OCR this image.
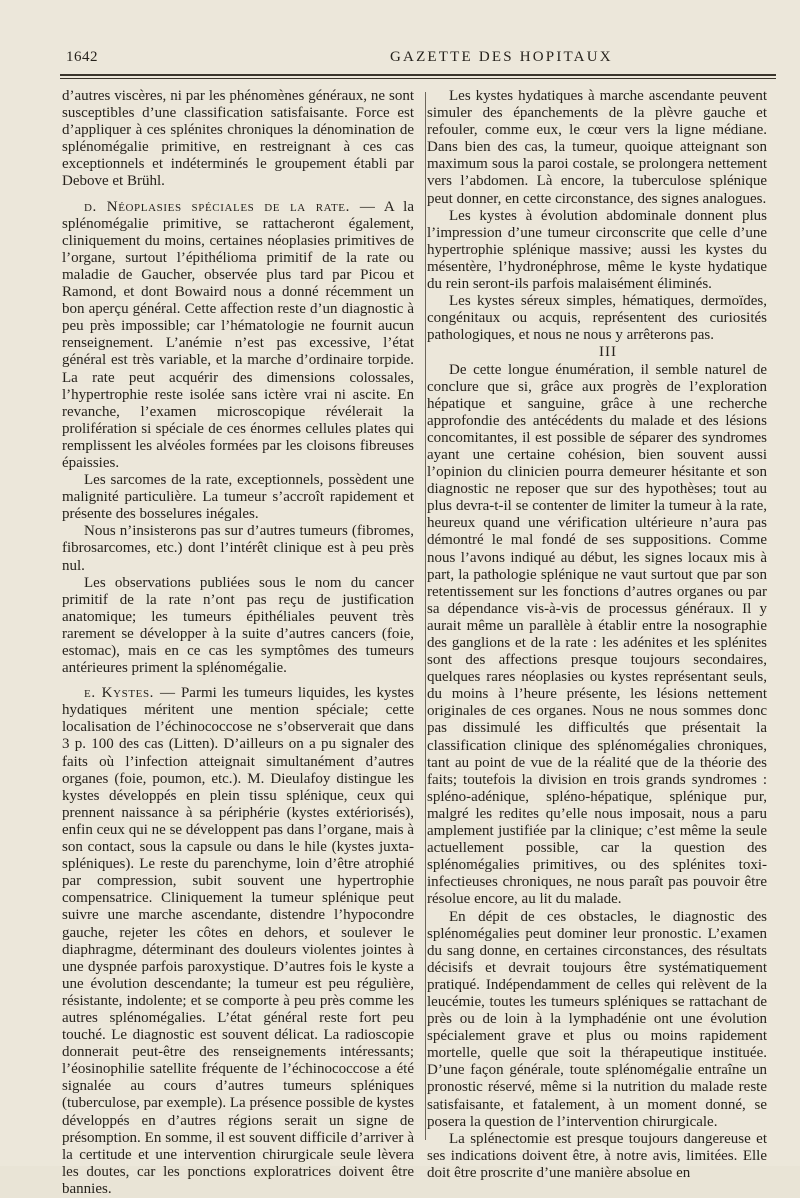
1642	GAZETTE DES HOPITAUX

d’autres viscères, ni par les phénomènes généraux, ne sont susceptibles d’une classification satisfaisante. Force est d’appliquer à ces splénites chroniques la dénomination de splénomégalie primitive, en restreignant à ces cas exceptionnels et indéterminés le groupement établi par Debove et Brühl.

d. Néoplasies spéciales de la rate. — A la splénomégalie primitive, se rattacheront également, cliniquement du moins, certaines néoplasies primitives de l’organe, surtout l’épithélioma primitif de la rate ou maladie de Gaucher, observée plus tard par Picou et Ramond, et dont Bowaird nous a donné récemment un bon aperçu général. Cette affection reste d’un diagnostic à peu près impossible; car l’hématologie ne fournit aucun renseignement. L’anémie n’est pas excessive, l’état général est très variable, et la marche d’ordinaire torpide. La rate peut acquérir des dimensions colossales, l’hypertrophie reste isolée sans ictère vrai ni ascite. En revanche, l’examen microscopique révélerait la prolifération si spéciale de ces énormes cellules plates qui remplissent les alvéoles formées par les cloisons fibreuses épaissies.

Les sarcomes de la rate, exceptionnels, possèdent une malignité particulière. La tumeur s’accroît rapidement et présente des bosselures inégales.

Nous n’insisterons pas sur d’autres tumeurs (fibromes, fibrosarcomes, etc.) dont l’intérêt clinique est à peu près nul.

Les observations publiées sous le nom du cancer primitif de la rate n’ont pas reçu de justification anatomique; les tumeurs épithéliales peuvent très rarement se développer à la suite d’autres cancers (foie, estomac), mais en ce cas les symptômes des tumeurs antérieures priment la splénomégalie.

e. Kystes. — Parmi les tumeurs liquides, les kystes hydatiques méritent une mention spéciale; cette localisation de l’échinococcose ne s’observerait que dans 3 p. 100 des cas (Litten). D’ailleurs on a pu signaler des faits où l’infection atteignait simultanément d’autres organes (foie, poumon, etc.). M. Dieulafoy distingue les kystes développés en plein tissu splénique, ceux qui prennent naissance à sa périphérie (kystes extériorisés), enfin ceux qui ne se développent pas dans l’organe, mais à son contact, sous la capsule ou dans le hile (kystes juxta-spléniques). Le reste du parenchyme, loin d’être atrophié par compression, subit souvent une hypertrophie compensatrice. Cliniquement la tumeur splénique peut suivre une marche ascendante, distendre l’hypocondre gauche, rejeter les côtes en dehors, et soulever le diaphragme, déterminant des douleurs violentes jointes à une dyspnée parfois paroxystique. D’autres fois le kyste a une évolution descendante; la tumeur est peu régulière, résistante, indolente; et se comporte à peu près comme les autres splénomégalies. L’état général reste fort peu touché. Le diagnostic est souvent délicat. La radioscopie donnerait peut-être des renseignements intéressants; l’éosinophilie satellite fréquente de l’échinococcose a été signalée au cours d’autres tumeurs spléniques (tuberculose, par exemple). La présence possible de kystes développés en d’autres régions serait un signe de présomption. En somme, il est souvent difficile d’arriver à la certitude et une intervention chirurgicale seule lèvera les doutes, car les ponctions exploratrices doivent être bannies.

Les kystes hydatiques à marche ascendante peuvent simuler des épanchements de la plèvre gauche et refouler, comme eux, le cœur vers la ligne médiane. Dans bien des cas, la tumeur, quoique atteignant son maximum sous la paroi costale, se prolongera nettement vers l’abdomen. Là encore, la tuberculose splénique peut donner, en cette circonstance, des signes analogues.

Les kystes à évolution abdominale donnent plus l’impression d’une tumeur circonscrite que celle d’une hypertrophie splénique massive; aussi les kystes du mésentère, l’hydronéphrose, même le kyste hydatique du rein seront-ils parfois malaisément éliminés.

Les kystes séreux simples, hématiques, dermoïdes, congénitaux ou acquis, représentent des curiosités pathologiques, et nous ne nous y arrêterons pas.

III

De cette longue énumération, il semble naturel de conclure que si, grâce aux progrès de l’exploration hépatique et sanguine, grâce à une recherche approfondie des antécédents du malade et des lésions concomitantes, il est possible de séparer des syndromes ayant une certaine cohésion, bien souvent aussi l’opinion du clinicien pourra demeurer hésitante et son diagnostic ne reposer que sur des hypothèses; tout au plus devra-t-il se contenter de limiter la tumeur à la rate, heureux quand une vérification ultérieure n’aura pas démontré le mal fondé de ses suppositions. Comme nous l’avons indiqué au début, les signes locaux mis à part, la pathologie splénique ne vaut surtout que par son retentissement sur les fonctions d’autres organes ou par sa dépendance vis-à-vis de processus généraux. Il y aurait même un parallèle à établir entre la nosographie des ganglions et de la rate : les adénites et les splénites sont des affections presque toujours secondaires, quelques rares néoplasies ou kystes représentant seuls, du moins à l’heure présente, les lésions nettement originales de ces organes. Nous ne nous sommes donc pas dissimulé les difficultés que présentait la classification clinique des splénomégalies chroniques, tant au point de vue de la réalité que de la théorie des faits; toutefois la division en trois grands syndromes : spléno-adénique, spléno-hépatique, splénique pur, malgré les redites qu’elle nous imposait, nous a paru amplement justifiée par la clinique; c’est même la seule actuellement possible, car la question des splénomégalies primitives, ou des splénites toxi-infectieuses chroniques, ne nous paraît pas pouvoir être résolue encore, au lit du malade.

En dépit de ces obstacles, le diagnostic des splénomégalies peut dominer leur pronostic. L’examen du sang donne, en certaines circonstances, des résultats décisifs et devrait toujours être systématiquement pratiqué. Indépendamment de celles qui relèvent de la leucémie, toutes les tumeurs spléniques se rattachant de près ou de loin à la lymphadénie ont une évolution spécialement grave et plus ou moins rapidement mortelle, quelle que soit la thérapeutique instituée. D’une façon générale, toute splénomégalie entraîne un pronostic réservé, même si la nutrition du malade reste satisfaisante, et fatalement, à un moment donné, se posera la question de l’intervention chirurgicale.

La splénectomie est presque toujours dangereuse et ses indications doivent être, à notre avis, limitées. Elle doit être proscrite d’une manière absolue en
